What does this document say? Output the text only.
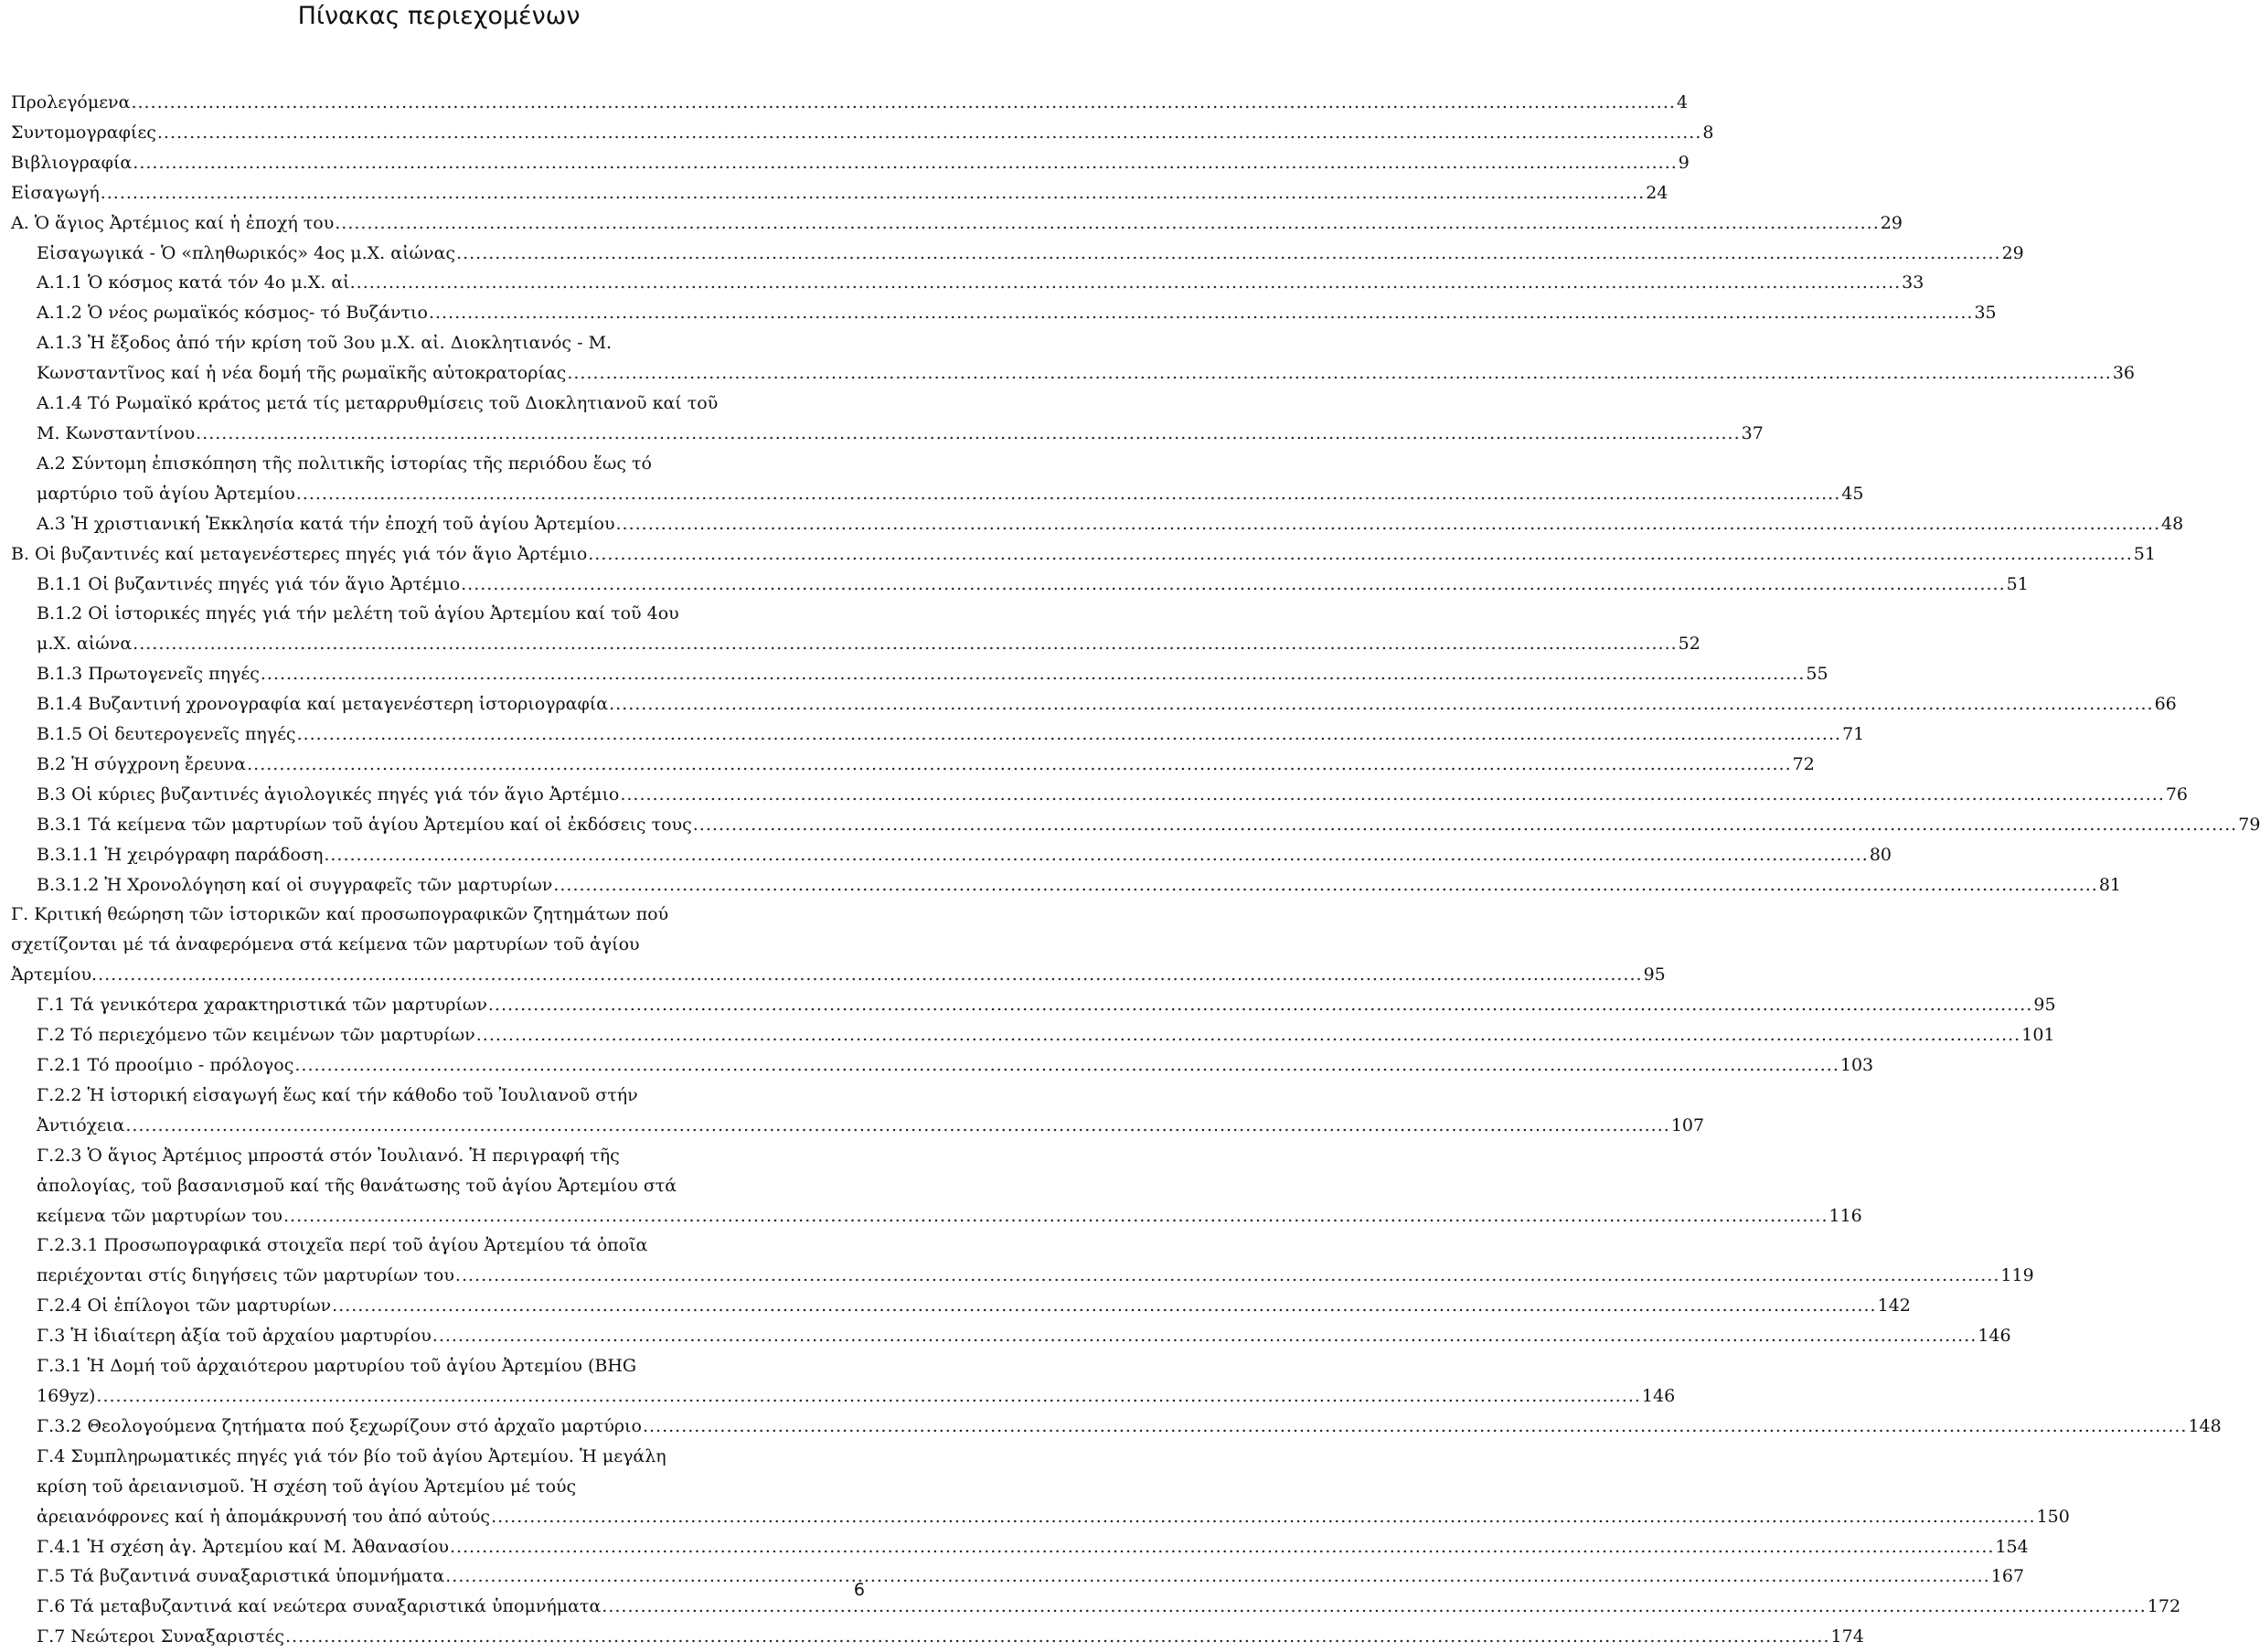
Πίνακας περιεχομένων
Προλεγόμενα .....	4
Συντομογραφίες .....	8
Βιβλιογραφία .....	9
Εἰσαγωγή .....	24
Α. Ὁ ἅγιος Ἀρτέμιος καί ἡ ἐποχή του .....	29
Εἰσαγωγικά - Ὁ «πληθωρικός» 4ος μ.Χ. αἰώνας .....	29
Α.1.1 Ὁ κόσμος κατά τόν 4ο μ.Χ. αἰ. .....	33
Α.1.2 Ὁ νέος ρωμαϊκός κόσμος- τό Βυζάντιο .....	35
Α.1.3 Ἡ ἔξοδος ἀπό τήν κρίση τοῦ 3ου μ.Χ. αἰ. Διοκλητιανός - Μ.
Κωνσταντῖνος καί ἡ νέα δομή τῆς ρωμαϊκῆς αὐτοκρατορίας .....	36
Α.1.4 Τό Ρωμαϊκό κράτος μετά τίς μεταρρυθμίσεις τοῦ Διοκλητιανοῦ καί τοῦ
Μ. Κωνσταντίνου .....	37
Α.2 Σύντομη ἐπισκόπηση τῆς πολιτικῆς ἱστορίας τῆς περιόδου ἕως τό
μαρτύριο τοῦ ἁγίου Ἀρτεμίου .....	45
Α.3 Ἡ χριστιανική Ἐκκλησία κατά τήν ἐποχή τοῦ ἁγίου Ἀρτεμίου .....	48
Β. Οἱ βυζαντινές καί μεταγενέστερες πηγές γιά τόν ἅγιο Ἀρτέμιο .....	51
Β.1.1 Οἱ βυζαντινές πηγές γιά τόν ἅγιο Ἀρτέμιο .....	51
Β.1.2 Οἱ ἱστορικές πηγές γιά τήν μελέτη τοῦ ἁγίου Ἀρτεμίου καί τοῦ 4ου
μ.Χ. αἰώνα .....	52
Β.1.3 Πρωτογενεῖς πηγές .....	55
Β.1.4 Βυζαντινή χρονογραφία καί μεταγενέστερη ἱστοριογραφία .....	66
Β.1.5 Οἱ δευτερογενεῖς πηγές .....	71
Β.2 Ἡ σύγχρονη ἔρευνα .....	72
Β.3 Οἱ κύριες βυζαντινές ἁγιολογικές πηγές γιά τόν ἅγιο Ἀρτέμιο .....	76
Β.3.1 Τά κείμενα τῶν μαρτυρίων τοῦ ἁγίου Ἀρτεμίου καί οἱ ἐκδόσεις τους .....	79
Β.3.1.1 Ἡ χειρόγραφη παράδοση .....	80
Β.3.1.2 Ἡ Χρονολόγηση καί οἱ συγγραφεῖς τῶν μαρτυρίων .....	81
Γ. Κριτική θεώρηση τῶν ἱστορικῶν καί προσωπογραφικῶν ζητημάτων πού
σχετίζονται μέ τά ἀναφερόμενα στά κείμενα τῶν μαρτυρίων τοῦ ἁγίου
Ἀρτεμίου. .....	95
Γ.1 Τά γενικότερα χαρακτηριστικά τῶν μαρτυρίων .....	95
Γ.2 Τό περιεχόμενο τῶν κειμένων τῶν μαρτυρίων .....	101
Γ.2.1 Τό προοίμιο - πρόλογος .....	103
Γ.2.2 Ἡ ἱστορική εἰσαγωγή ἕως καί τήν κάθοδο τοῦ Ἰουλιανοῦ στήν
Ἀντιόχεια .....	107
Γ.2.3 Ὁ ἅγιος Ἀρτέμιος μπροστά στόν Ἰουλιανό. Ἡ περιγραφή τῆς
ἀπολογίας, τοῦ βασανισμοῦ καί τῆς θανάτωσης τοῦ ἁγίου Ἀρτεμίου στά
κείμενα τῶν μαρτυρίων του .....	116
Γ.2.3.1 Προσωπογραφικά στοιχεῖα περί τοῦ ἁγίου Ἀρτεμίου τά ὁποῖα
περιέχονται στίς διηγήσεις τῶν μαρτυρίων του .....	119
Γ.2.4 Οἱ ἐπίλογοι τῶν μαρτυρίων .....	142
Γ.3 Ἡ ἰδιαίτερη ἀξία τοῦ ἀρχαίου μαρτυρίου .....	146
Γ.3.1 Ἡ Δομή τοῦ ἀρχαιότερου μαρτυρίου τοῦ ἁγίου Ἀρτεμίου (BHG
169yz) .....	146
Γ.3.2 Θεολογούμενα ζητήματα πού ξεχωρίζουν στό ἀρχαῖο μαρτύριο .....	148
Γ.4 Συμπληρωματικές πηγές γιά τόν βίο τοῦ ἁγίου Ἀρτεμίου. Ἡ μεγάλη
κρίση τοῦ ἀρειανισμοῦ. Ἡ σχέση τοῦ ἁγίου Ἀρτεμίου μέ τούς
ἀρειανόφρονες καί ἡ ἀπομάκρυνσή του ἀπό αὐτούς .....	150
Γ.4.1 Ἡ σχέση ἁγ. Ἀρτεμίου καί Μ. Ἀθανασίου .....	154
Γ.5 Τά βυζαντινά συναξαριστικά ὑπομνήματα .....	167
Γ.6 Τά μεταβυζαντινά καί νεώτερα συναξαριστικά ὑπομνήματα .....	172
Γ.7 Νεώτεροι Συναξαριστές .....	174
6
